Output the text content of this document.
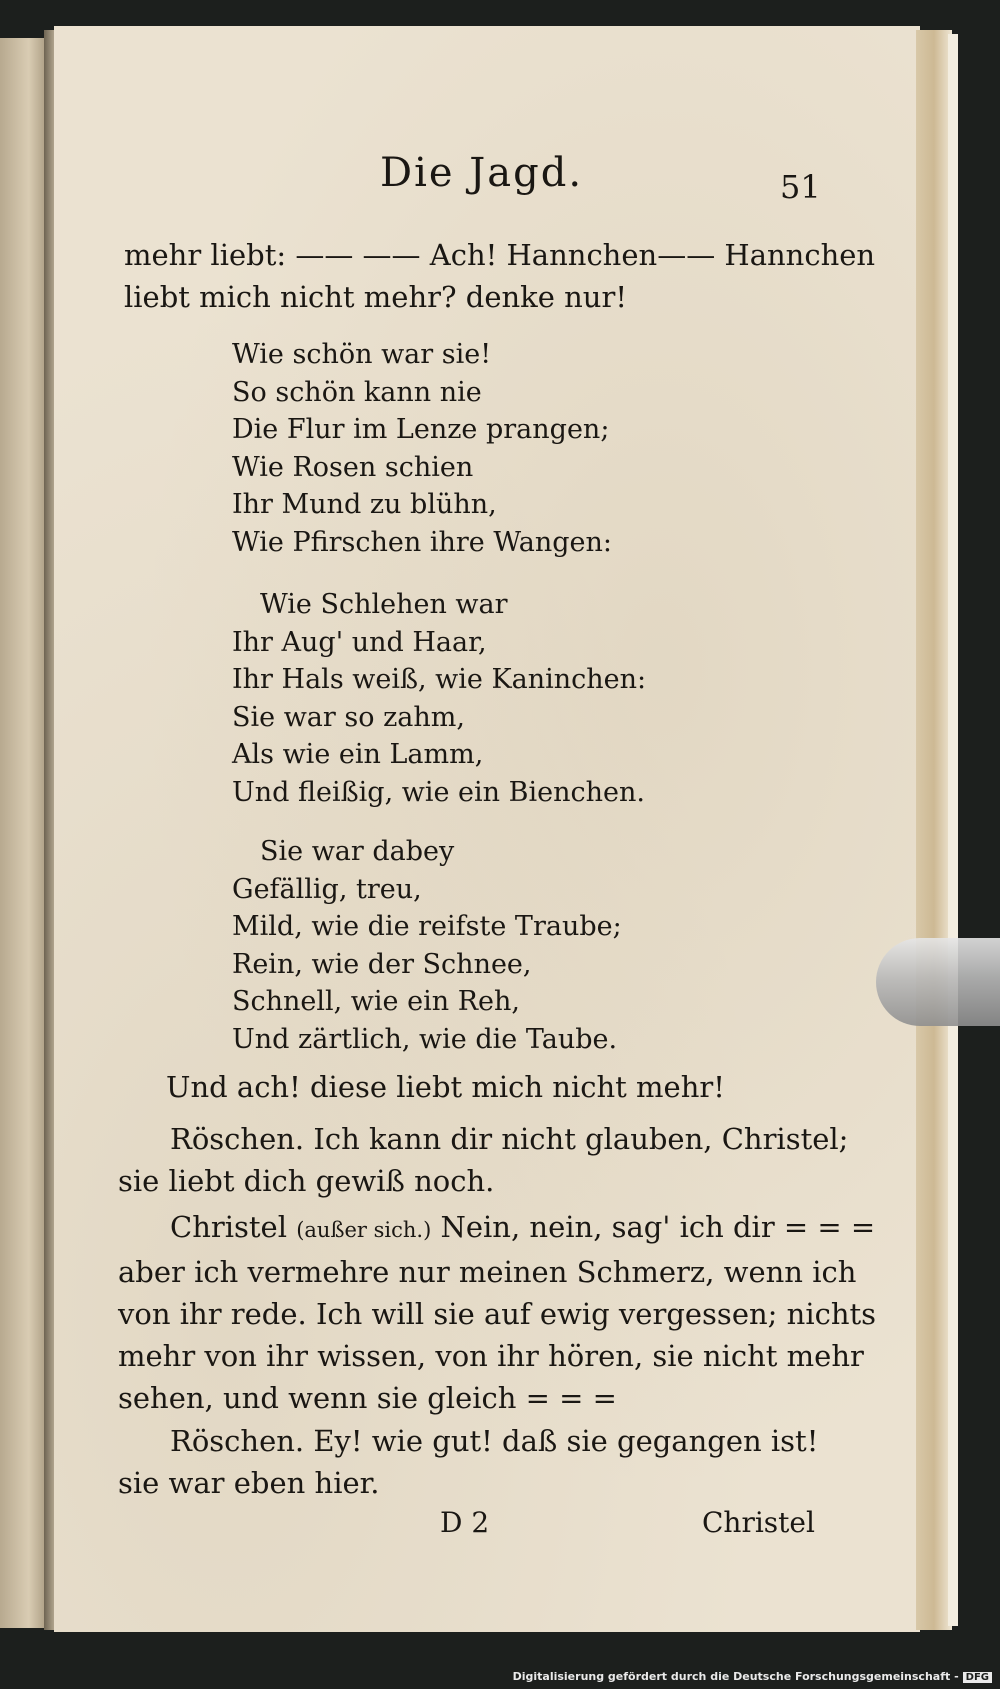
Die Jagd.	51
mehr liebt: —— —— Ach! Hannchen—— Hannchen
liebt mich nicht mehr? denke nur!
Wie schön war sie!
So schön kann nie
Die Flur im Lenze prangen;
Wie Rosen schien
Ihr Mund zu blühn,
Wie Pfirschen ihre Wangen:
Wie Schlehen war
Ihr Aug' und Haar,
Ihr Hals weiß, wie Kaninchen:
Sie war so zahm,
Als wie ein Lamm,
Und fleißig, wie ein Bienchen.
Sie war dabey
Gefällig, treu,
Mild, wie die reifste Traube;
Rein, wie der Schnee,
Schnell, wie ein Reh,
Und zärtlich, wie die Taube.
Und ach! diese liebt mich nicht mehr!
Röschen. Ich kann dir nicht glauben, Christel;
sie liebt dich gewiß noch.
Christel (außer sich.) Nein, nein, sag' ich dir = = =
aber ich vermehre nur meinen Schmerz, wenn ich
von ihr rede. Ich will sie auf ewig vergessen; nichts
mehr von ihr wissen, von ihr hören, sie nicht mehr
sehen, und wenn sie gleich = = =
Röschen. Ey! wie gut! daß sie gegangen ist!
sie war eben hier.
D 2	Christel
Digitalisierung gefördert durch die Deutsche Forschungsgemeinschaft - DFG
